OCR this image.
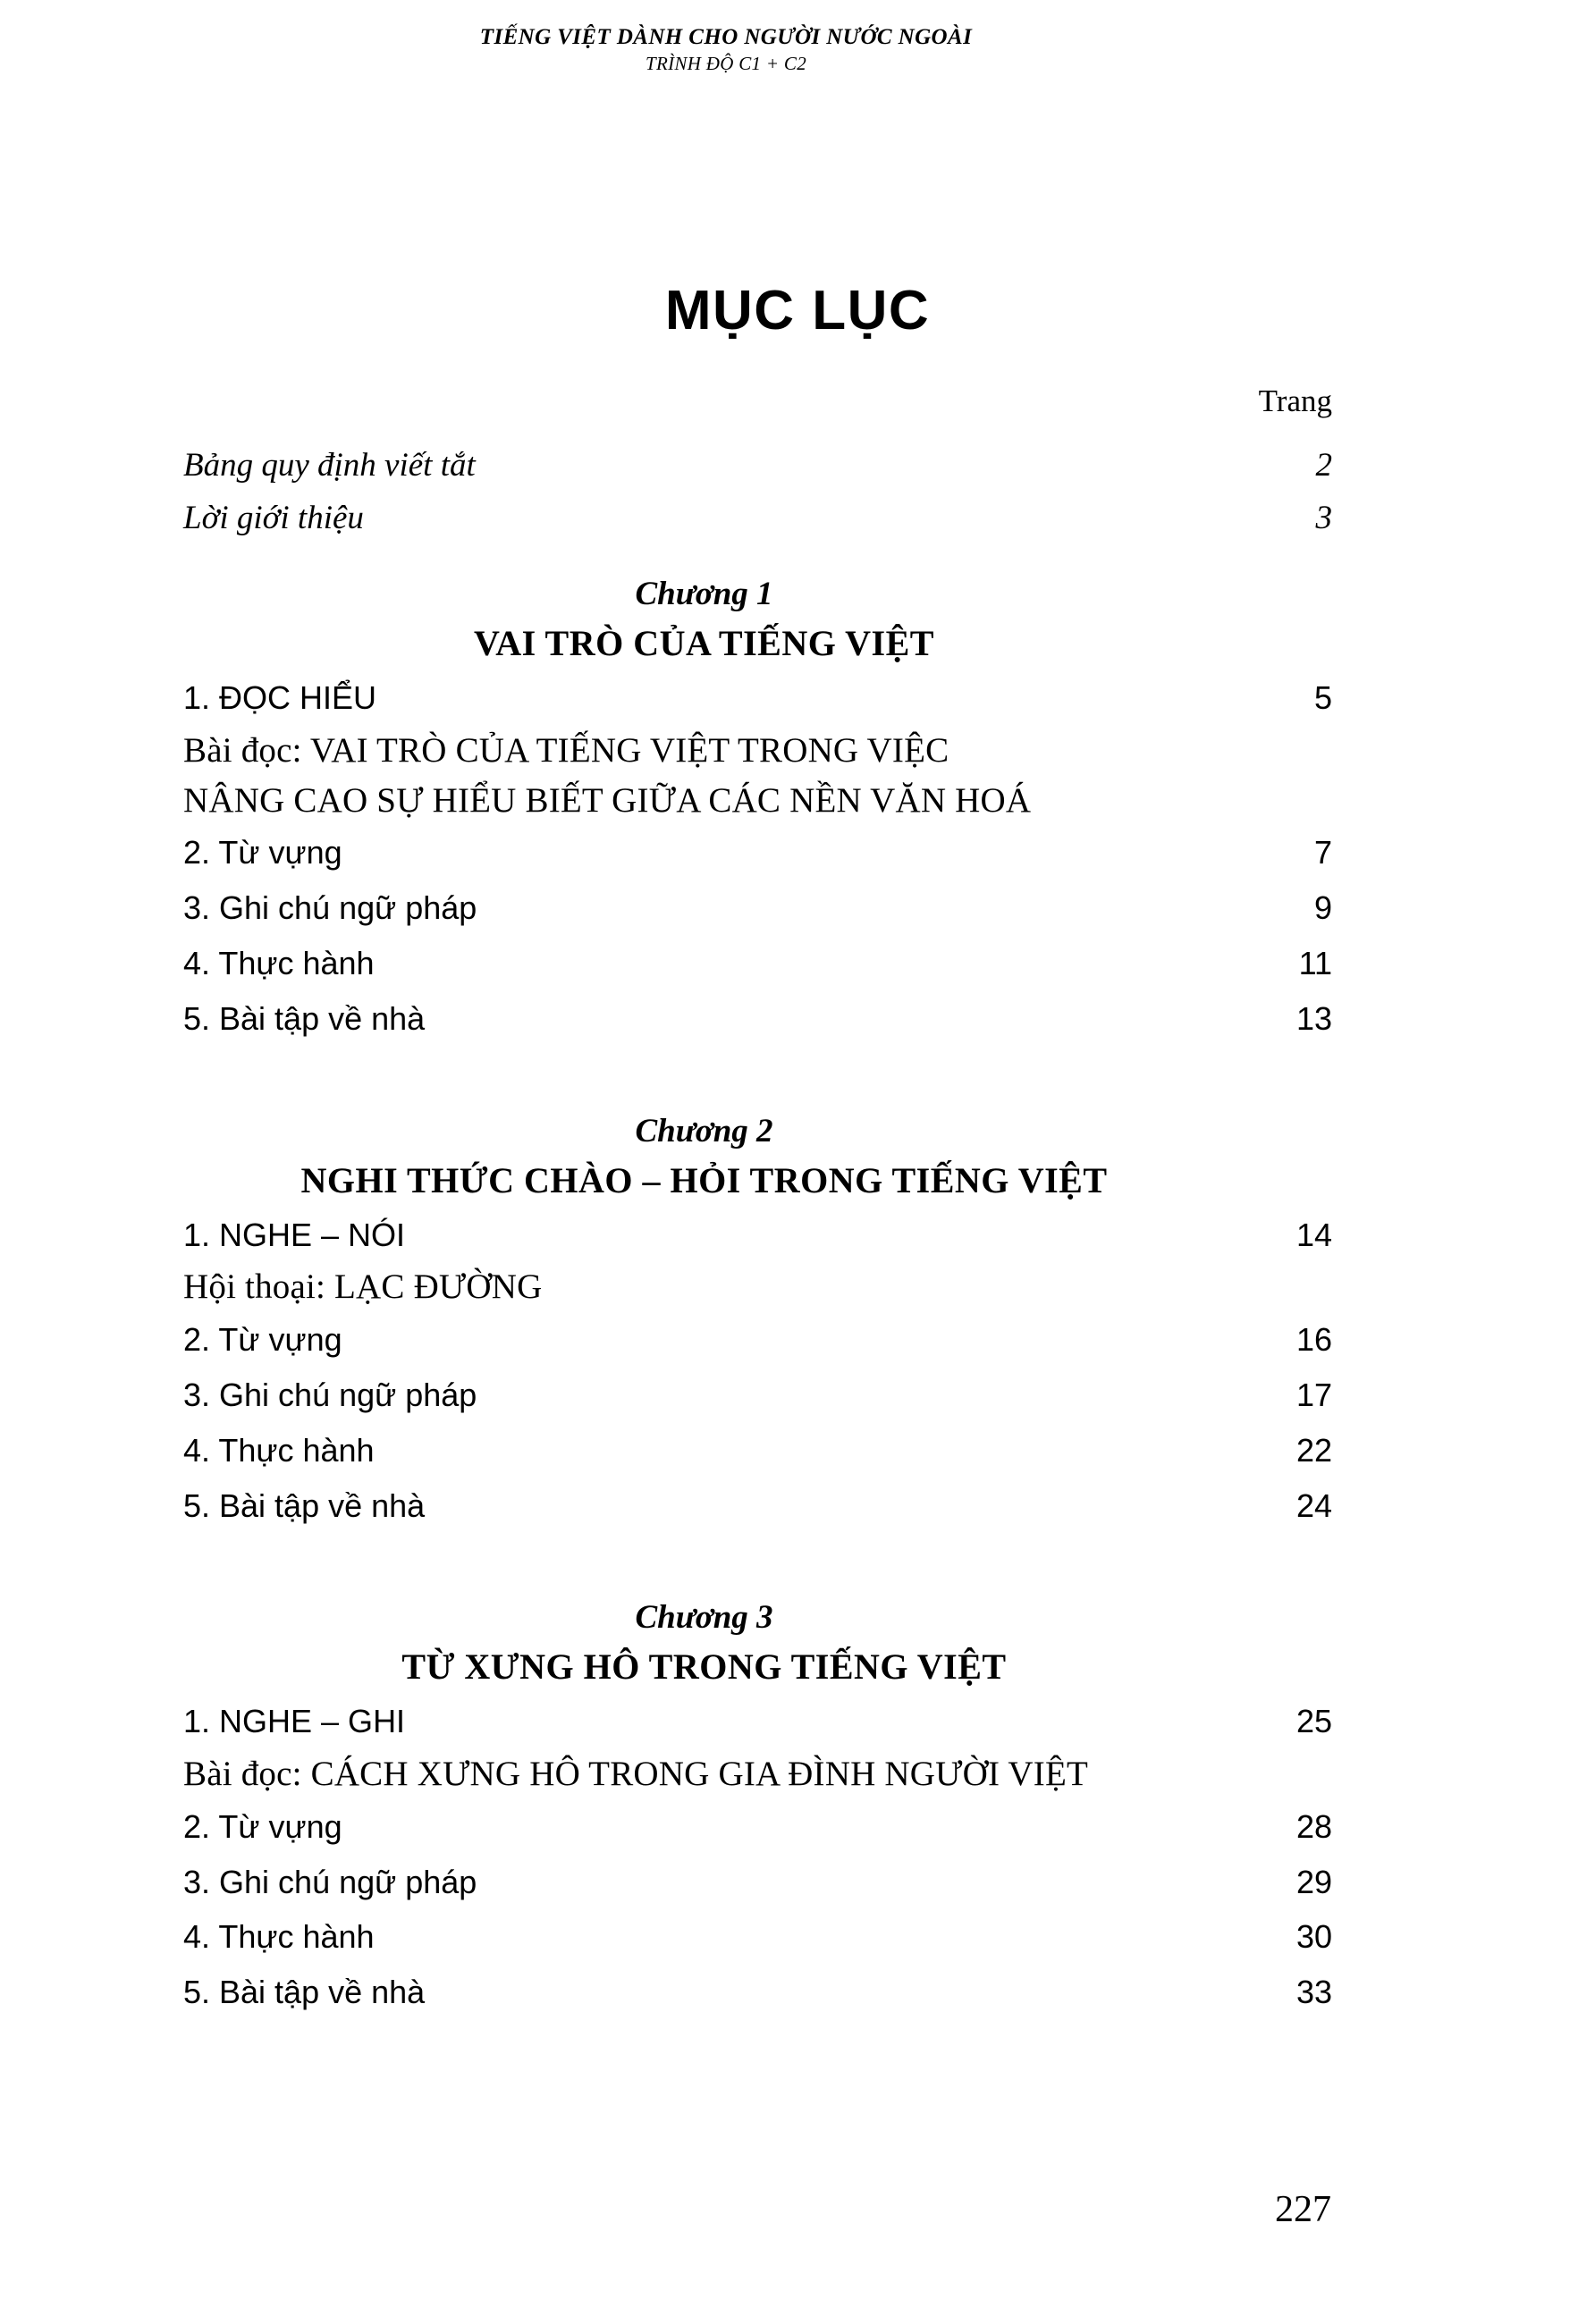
TIẾNG VIỆT DÀNH CHO NGƯỜI NƯỚC NGOÀI
TRÌNH ĐỘ C1 + C2
MỤC LỤC
Trang
Bảng quy định viết tắt	2
Lời giới thiệu	3
Chương 1
VAI TRÒ CỦA TIẾNG VIỆT
1. ĐỌC HIỂU	5
Bài đọc: VAI TRÒ CỦA TIẾNG VIỆT TRONG VIỆC
NÂNG CAO SỰ HIỂU BIẾT GIỮA CÁC NỀN VĂN HOÁ
2. Từ vựng	7
3. Ghi chú ngữ pháp	9
4. Thực hành	11
5. Bài tập về nhà	13
Chương 2
NGHI THỨC CHÀO – HỎI TRONG TIẾNG VIỆT
1. NGHE – NÓI	14
Hội thoại: LẠC ĐƯỜNG
2. Từ vựng	16
3. Ghi chú ngữ pháp	17
4. Thực hành	22
5. Bài tập về nhà	24
Chương 3
TỪ XƯNG HÔ TRONG TIẾNG VIỆT
1. NGHE – GHI	25
Bài đọc: CÁCH XƯNG HÔ TRONG GIA ĐÌNH NGƯỜI VIỆT
2. Từ vựng	28
3. Ghi chú ngữ pháp	29
4. Thực hành	30
5. Bài tập về nhà	33
227
